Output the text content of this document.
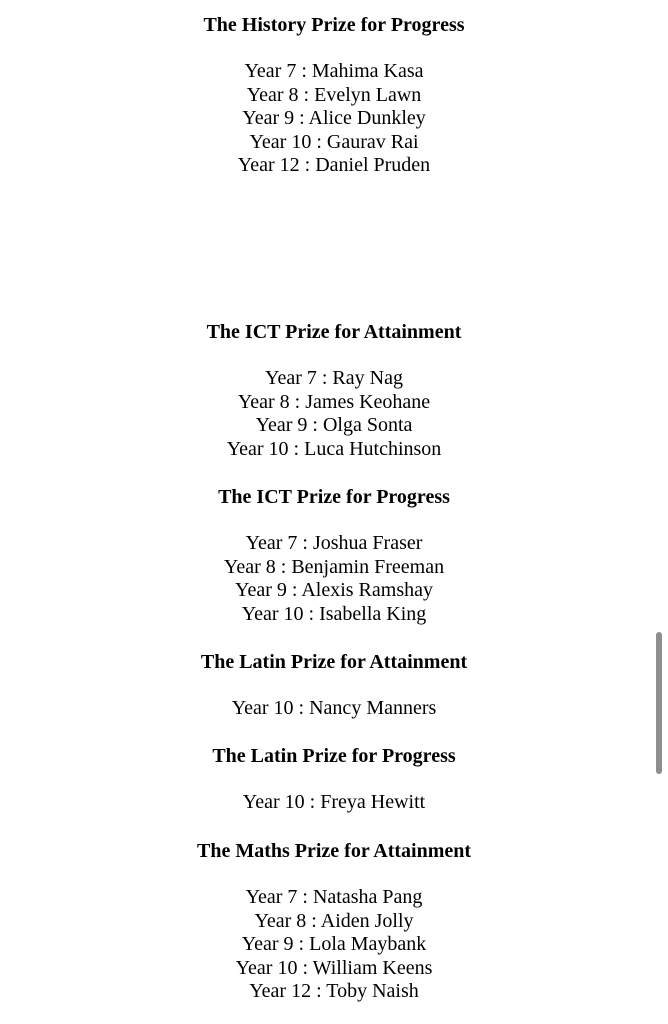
The History Prize for Progress
Year 7 : Mahima Kasa
Year 8 : Evelyn Lawn
Year 9 : Alice Dunkley
Year 10 : Gaurav Rai
Year 12 : Daniel Pruden
The ICT Prize for Attainment
Year 7 : Ray Nag
Year 8 : James Keohane
Year 9 : Olga Sonta
Year 10 : Luca Hutchinson
The ICT Prize for Progress
Year 7 : Joshua Fraser
Year 8 : Benjamin Freeman
Year 9 : Alexis Ramshay
Year 10 : Isabella King
The Latin Prize for Attainment
Year 10 : Nancy Manners
The Latin Prize for Progress
Year 10 : Freya Hewitt
The Maths Prize for Attainment
Year 7 : Natasha Pang
Year 8 : Aiden Jolly
Year 9 : Lola Maybank
Year 10 : William Keens
Year 12 : Toby Naish
